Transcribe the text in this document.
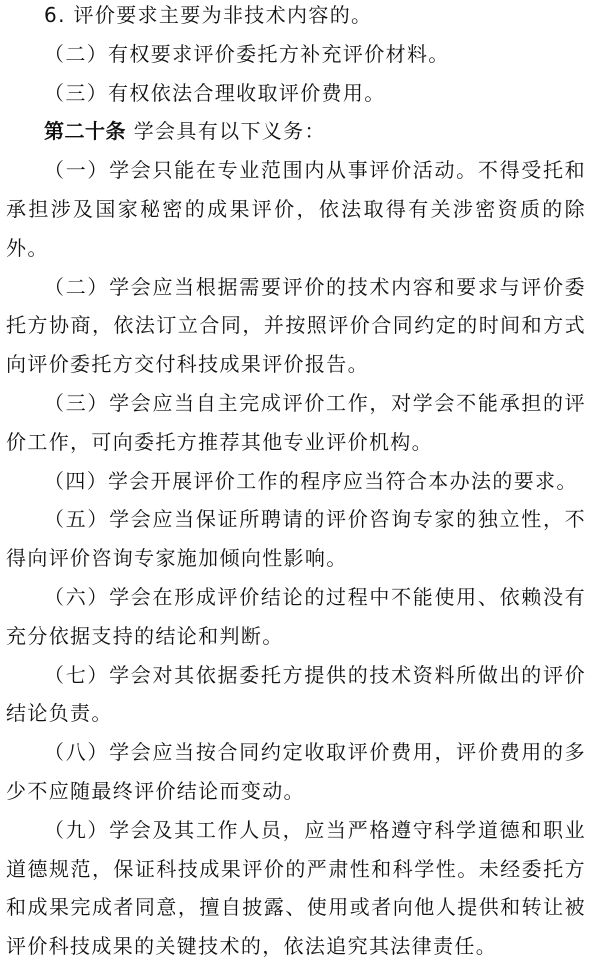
6. 评价要求主要为非技术内容的。

（二）有权要求评价委托方补充评价材料。

（三）有权依法合理收取评价费用。

第二十条 学会具有以下义务：

（一）学会只能在专业范围内从事评价活动。不得受托和承担涉及国家秘密的成果评价，依法取得有关涉密资质的除外。

（二）学会应当根据需要评价的技术内容和要求与评价委托方协商，依法订立合同，并按照评价合同约定的时间和方式向评价委托方交付科技成果评价报告。

（三）学会应当自主完成评价工作，对学会不能承担的评价工作，可向委托方推荐其他专业评价机构。

（四）学会开展评价工作的程序应当符合本办法的要求。

（五）学会应当保证所聘请的评价咨询专家的独立性，不得向评价咨询专家施加倾向性影响。

（六）学会在形成评价结论的过程中不能使用、依赖没有充分依据支持的结论和判断。

（七）学会对其依据委托方提供的技术资料所做出的评价结论负责。

（八）学会应当按合同约定收取评价费用，评价费用的多少不应随最终评价结论而变动。

（九）学会及其工作人员，应当严格遵守科学道德和职业道德规范，保证科技成果评价的严肃性和科学性。未经委托方和成果完成者同意，擅自披露、使用或者向他人提供和转让被评价科技成果的关键技术的，依法追究其法律责任。
